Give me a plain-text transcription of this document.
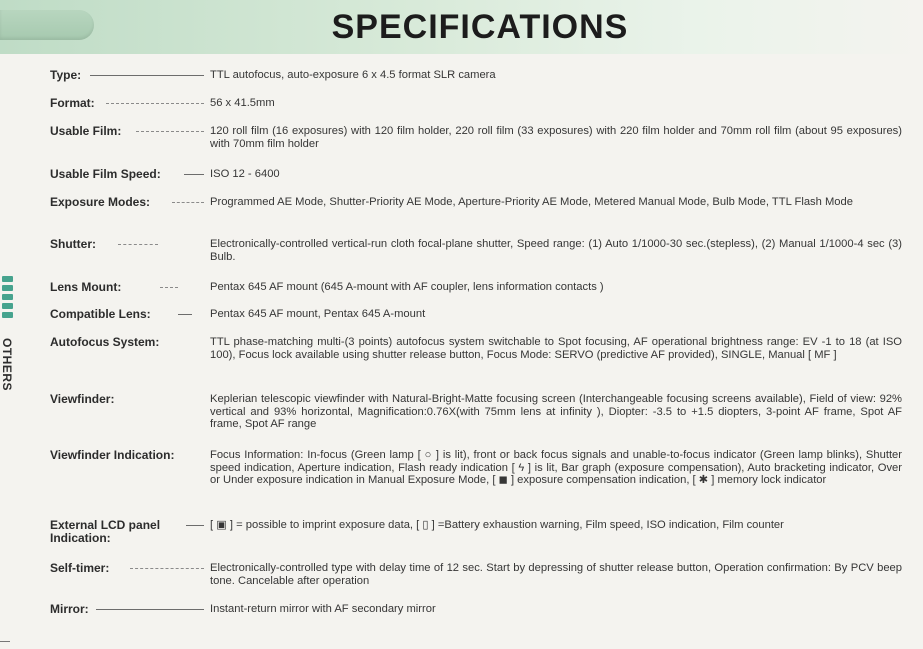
SPECIFICATIONS
OTHERS
Type:	TTL autofocus, auto-exposure 6 x 4.5 format SLR camera
Format:	56 x 41.5mm
Usable Film:	120 roll film (16 exposures) with 120 film holder, 220 roll film (33 exposures) with 220 film holder and 70mm roll film (about 95 exposures) with 70mm film holder
Usable Film Speed:	ISO 12 - 6400
Exposure Modes:	Programmed AE Mode, Shutter-Priority AE Mode, Aperture-Priority AE Mode, Metered Manual Mode, Bulb Mode, TTL Flash Mode
Shutter:	Electronically-controlled vertical-run cloth focal-plane shutter, Speed range: (1) Auto 1/1000-30 sec.(stepless), (2) Manual 1/1000-4 sec (3) Bulb.
Lens Mount:	Pentax 645 AF mount (645 A-mount with AF coupler, lens information contacts )
Compatible Lens:	Pentax 645 AF mount, Pentax 645 A-mount
Autofocus System:	TTL phase-matching multi-(3 points) autofocus system switchable to Spot focusing, AF operational brightness range: EV -1 to 18 (at ISO 100), Focus lock available using shutter release button, Focus Mode: SERVO (predictive AF provided), SINGLE, Manual [ MF ]
Viewfinder:	Keplerian telescopic viewfinder with Natural-Bright-Matte focusing screen (Interchangeable focusing screens available), Field of view: 92% vertical and 93% horizontal, Magnification:0.76X(with 75mm lens at infinity ), Diopter: -3.5 to +1.5 diopters, 3-point AF frame, Spot AF frame, Spot AF range
Viewfinder Indication:	Focus Information: In-focus (Green lamp [ ○ ] is lit), front or back focus signals and unable-to-focus indicator (Green lamp blinks), Shutter speed indication, Aperture indication, Flash ready indication [ ϟ ] is lit, Bar graph (exposure compensation), Auto bracketing indicator, Over or Under exposure indication in Manual Exposure Mode, [ ◼ ] exposure compensation indication, [ ✱ ] memory lock indicator
External LCD panel Indication:
[ ▣ ] = possible to imprint exposure data, [ ▯ ] =Battery exhaustion warning, Film speed, ISO indication, Film counter
Self-timer:	Electronically-controlled type with delay time of 12 sec. Start by depressing of shutter release button, Operation confirmation: By PCV beep tone. Cancelable after operation
Mirror:	Instant-return mirror with AF secondary mirror
